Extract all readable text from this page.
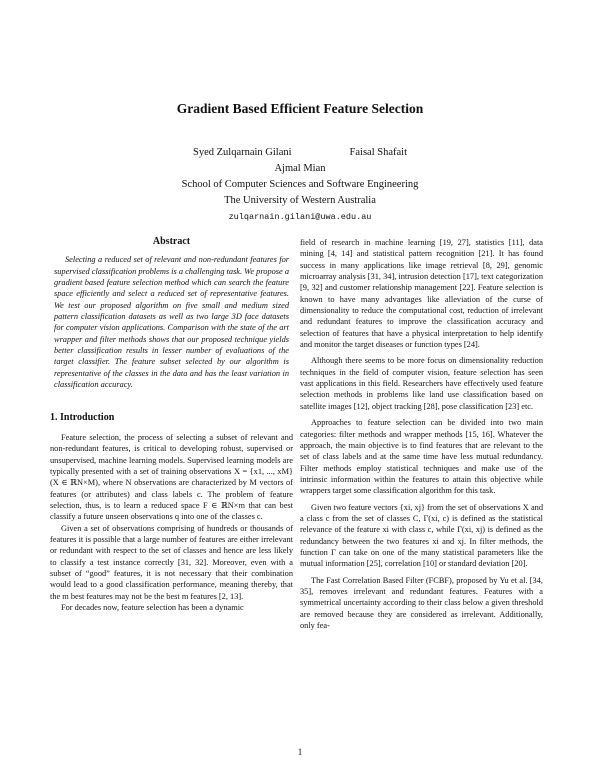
Gradient Based Efficient Feature Selection
Syed Zulqarnain Gilani	Faisal Shafait
Ajmal Mian
School of Computer Sciences and Software Engineering
The University of Western Australia
zulqarnain.gilani@uwa.edu.au
Abstract

Selecting a reduced set of relevant and non-redundant features for supervised classification problems is a challenging task. We propose a gradient based feature selection method which can search the feature space efficiently and select a reduced set of representative features. We test our proposed algorithm on five small and medium sized pattern classification datasets as well as two large 3D face datasets for computer vision applications. Comparison with the state of the art wrapper and filter methods shows that our proposed technique yields better classification results in lesser number of evaluations of the target classifier. The feature subset selected by our algorithm is representative of the classes in the data and has the least variation in classification accuracy.

1. Introduction

Feature selection, the process of selecting a subset of relevant and non-redundant features, is critical to developing robust, supervised or unsupervised, machine learning models. Supervised learning models are typically presented with a set of training observations X = {x1, ..., xM} (X ∈ ℝN×M), where N observations are characterized by M vectors of features (or attributes) and class labels c. The problem of feature selection, thus, is to learn a reduced space F ∈ ℝN×m that can best classify a future unseen observations q into one of the classes c.

Given a set of observations comprising of hundreds or thousands of features it is possible that a large number of features are either irrelevant or redundant with respect to the set of classes and hence are less likely to classify a test instance correctly [31, 32]. Moreover, even with a subset of “good” features, it is not necessary that their combination would lead to a good classification performance, meaning thereby, that the m best features may not be the best m features [2, 13].

For decades now, feature selection has been a dynamic

field of research in machine learning [19, 27], statistics [11], data mining [4, 14] and statistical pattern recognition [21]. It has found success in many applications like image retrieval [8, 29], genomic microarray analysis [31, 34], intrusion detection [17], text categorization [9, 32] and customer relationship management [22]. Feature selection is known to have many advantages like alleviation of the curse of dimensionality to reduce the computational cost, reduction of irrelevant and redundant features to improve the classification accuracy and selection of features that have a physical interpretation to help identify and monitor the target diseases or function types [24].

Although there seems to be more focus on dimensionality reduction techniques in the field of computer vision, feature selection has seen vast applications in this field. Researchers have effectively used feature selection methods in problems like land use classification based on satellite images [12], object tracking [28], pose classification [23] etc.

Approaches to feature selection can be divided into two main categories: filter methods and wrapper methods [15, 16]. Whatever the approach, the main objective is to find features that are relevant to the set of class labels and at the same time have less mutual redundancy. Filter methods employ statistical techniques and make use of the intrinsic information within the features to attain this objective while wrappers target some classification algorithm for this task.

Given two feature vectors {xi, xj} from the set of observations X and a class c from the set of classes C, Γ(xi, c) is defined as the statistical relevance of the feature xi with class c, while Γ(xi, xj) is defined as the redundancy between the two features xi and xj. In filter methods, the function Γ can take on one of the many statistical parameters like the mutual information [25], correlation [10] or standard deviation [20].

The Fast Correlation Based Filter (FCBF), proposed by Yu et al. [34, 35], removes irrelevant and redundant features. Features with a symmetrical uncertainty according to their class below a given threshold are removed because they are considered as irrelevant. Additionally, only fea-

1
